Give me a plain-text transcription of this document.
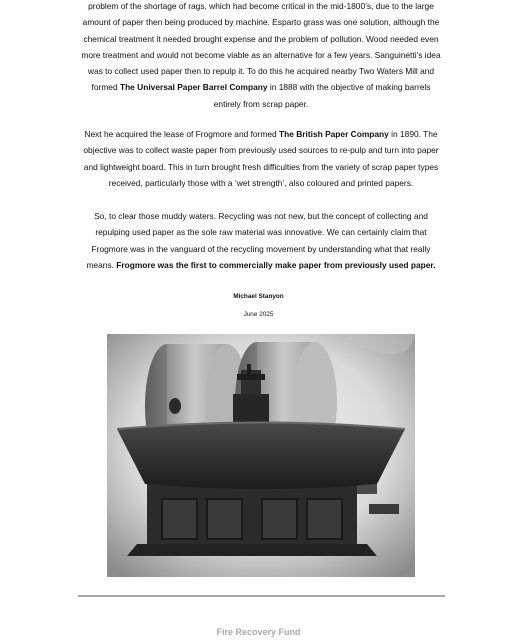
problem of the shortage of rags, which had become critical in the mid-1800’s, due to the large
amount of paper then being produced by machine. Esparto grass was one solution, although the
chemical treatment it needed brought expense and the problem of pollution. Wood needed even
more treatment and would not become viable as an alternative for a few years. Sanguinetti’s idea
was to collect used paper then to repulp it. To do this he acquired nearby Two Waters Mill and
formed The Universal Paper Barrel Company in 1888 with the objective of making barrels
entirely from scrap paper.
Next he acquired the lease of Frogmore and formed The British Paper Company in 1890. The
objective was to collect waste paper from previously used sources to re-pulp and turn into paper
and lightweight board. This in turn brought fresh difficulties from the variety of scrap paper types
received, particularly those with a ‘wet strength’, also coloured and printed papers.
So, to clear those muddy waters. Recycling was not new, but the concept of collecting and
repulping used paper as the sole raw material was innovative. We can certainly claim that
Frogmore was in the vanguard of the recycling movement by understanding what that really
means. Frogmore was the first to commercially make paper from previously used paper.

Michael Stanyon

June 2025

Fire Recovery Fund
